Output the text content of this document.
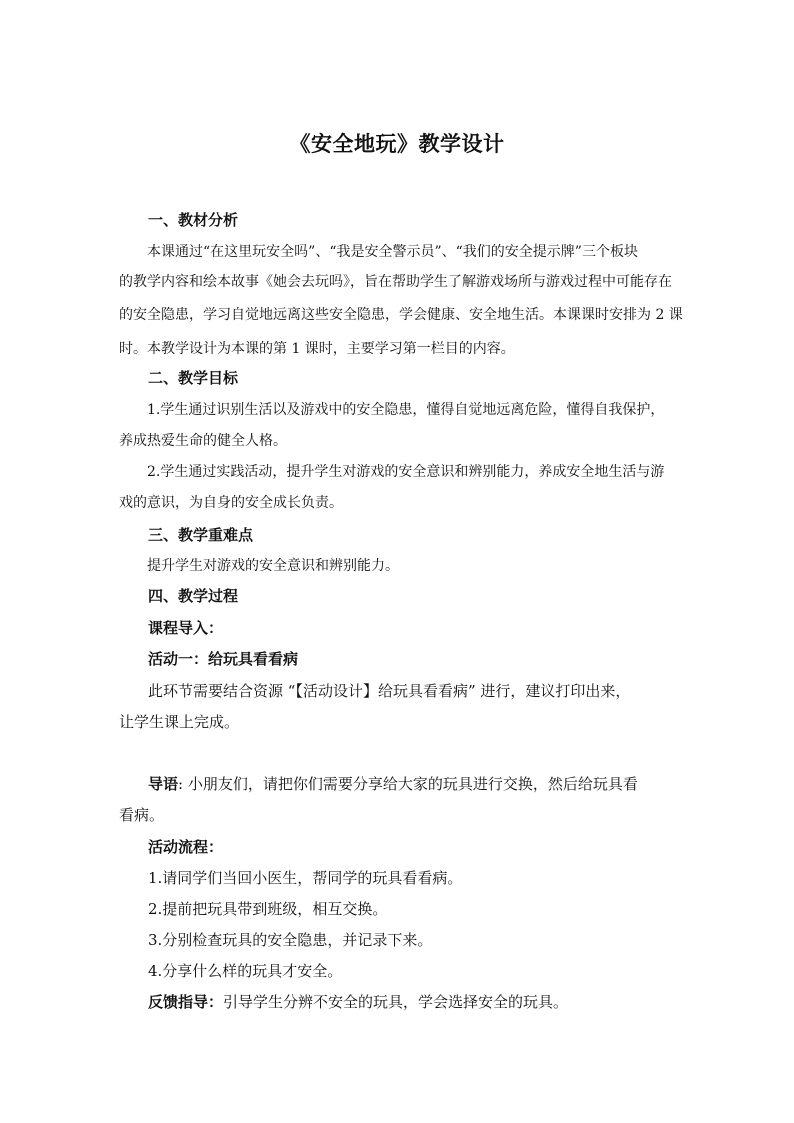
《安全地玩》教学设计
一、教材分析
本课通过“在这里玩安全吗”、“我是安全警示员”、“我们的安全提示牌”三个板块
的教学内容和绘本故事《她会去玩吗》，旨在帮助学生了解游戏场所与游戏过程中可能存在
的安全隐患，学习自觉地远离这些安全隐患，学会健康、安全地生活。本课课时安排为 2 课
时。本教学设计为本课的第 1 课时，主要学习第一栏目的内容。
二、教学目标
1.学生通过识别生活以及游戏中的安全隐患，懂得自觉地远离危险，懂得自我保护，
养成热爱生命的健全人格。
2.学生通过实践活动，提升学生对游戏的安全意识和辨别能力，养成安全地生活与游
戏的意识，为自身的安全成长负责。
三、教学重难点
提升学生对游戏的安全意识和辨别能力。
四、教学过程
课程导入：
活动一：给玩具看看病
此环节需要结合资源 “【活动设计】给玩具看看病” 进行，建议打印出来，
让学生课上完成。
导语: 小朋友们，请把你们需要分享给大家的玩具进行交换，然后给玩具看
看病。
活动流程：
1.请同学们当回小医生，帮同学的玩具看看病。
2.提前把玩具带到班级，相互交换。
3.分别检查玩具的安全隐患，并记录下来。
4.分享什么样的玩具才安全。
反馈指导：引导学生分辨不安全的玩具，学会选择安全的玩具。
